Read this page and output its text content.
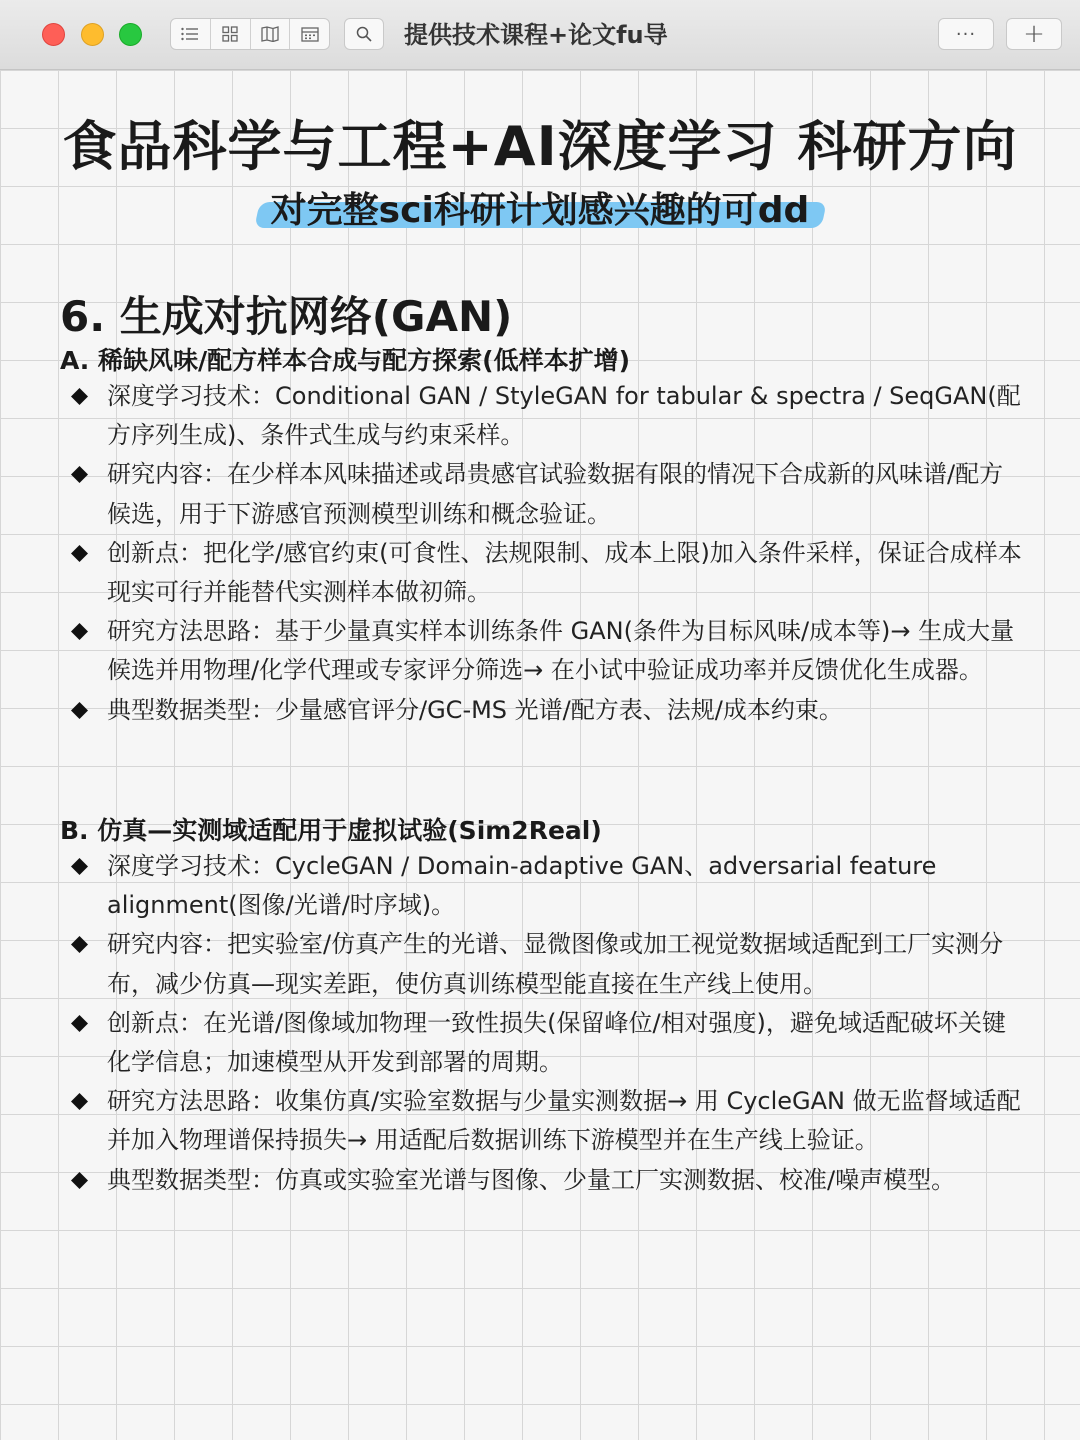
提供技术课程+论文fu导	···	+
食品科学与工程+AI深度学习 科研方向
对完整sci科研计划感兴趣的可dd
6. 生成对抗网络(GAN)
A. 稀缺风味/配方样本合成与配方探索(低样本扩增)
深度学习技术：Conditional GAN / StyleGAN for tabular & spectra / SeqGAN(配方序列生成)、条件式生成与约束采样。
研究内容：在少样本风味描述或昂贵感官试验数据有限的情况下合成新的风味谱/配方候选，用于下游感官预测模型训练和概念验证。
创新点：把化学/感官约束(可食性、法规限制、成本上限)加入条件采样，保证合成样本现实可行并能替代实测样本做初筛。
研究方法思路：基于少量真实样本训练条件 GAN(条件为目标风味/成本等)→ 生成大量候选并用物理/化学代理或专家评分筛选→ 在小试中验证成功率并反馈优化生成器。
典型数据类型：少量感官评分/GC-MS 光谱/配方表、法规/成本约束。
B. 仿真—实测域适配用于虚拟试验(Sim2Real)
深度学习技术：CycleGAN / Domain-adaptive GAN、adversarial feature alignment(图像/光谱/时序域)。
研究内容：把实验室/仿真产生的光谱、显微图像或加工视觉数据域适配到工厂实测分布，减少仿真—现实差距，使仿真训练模型能直接在生产线上使用。
创新点：在光谱/图像域加物理一致性损失(保留峰位/相对强度)，避免域适配破坏关键化学信息；加速模型从开发到部署的周期。
研究方法思路：收集仿真/实验室数据与少量实测数据→ 用 CycleGAN 做无监督域适配并加入物理谱保持损失→ 用适配后数据训练下游模型并在生产线上验证。
典型数据类型：仿真或实验室光谱与图像、少量工厂实测数据、校准/噪声模型。
